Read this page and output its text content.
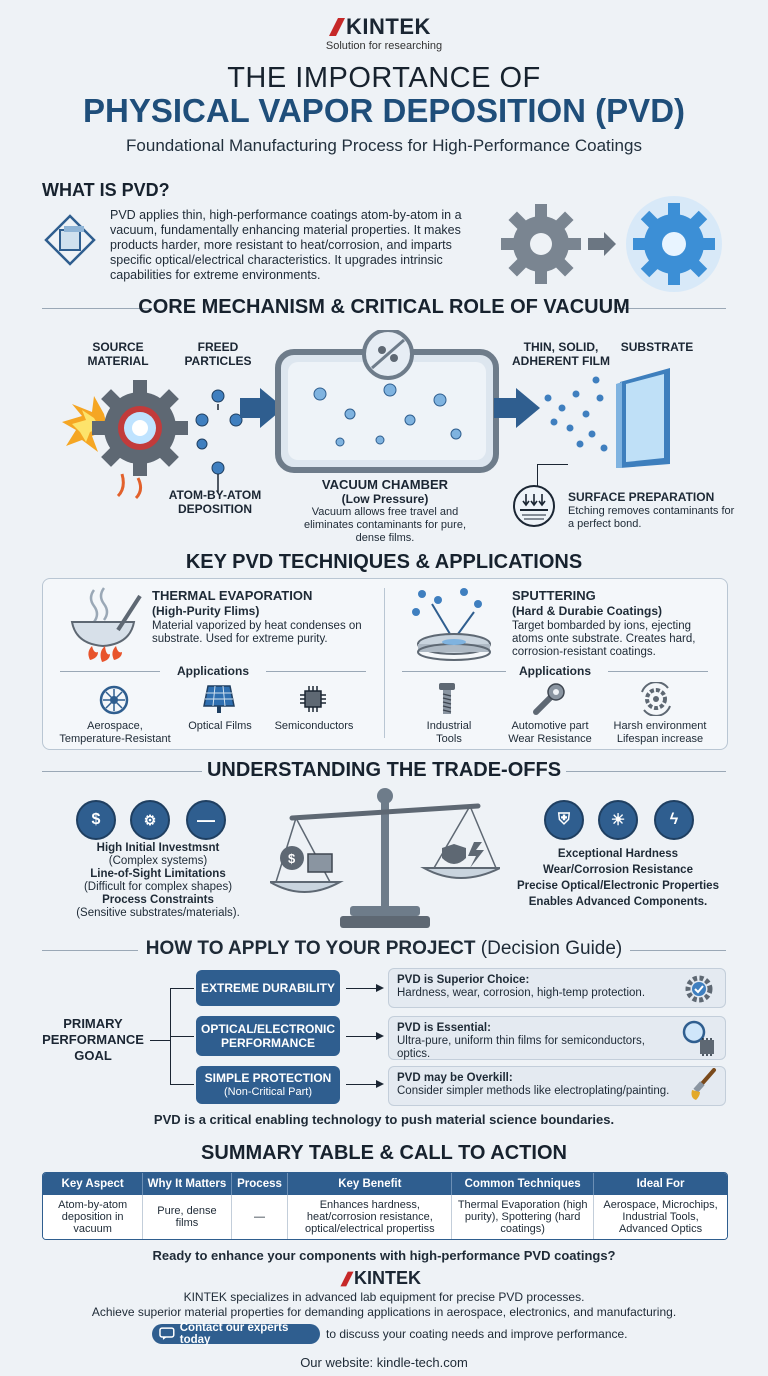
KINTEK
Solution for researching
THE IMPORTANCE OF
PHYSICAL VAPOR DEPOSITION (PVD)
Foundational Manufacturing Process for High-Performance Coatings
WHAT IS PVD?
PVD applies thin, high-performance coatings atom-by-atom in a vacuum, fundamentally enhancing material properties. It makes products harder, more resistant to heat/corrosion, and imparts specific optical/electrical characteristics. It upgrades intrinsic capabilities for extreme environments.
CORE MECHANISM & CRITICAL ROLE OF VACUUM
SOURCE
MATERIAL
FREED
PARTICLES
ATOM-BY-ATOM
DEPOSITION
VACUUM CHAMBER
(Low Pressure)
Vacuum allows free travel and eliminates contaminants for pure, dense films.
THIN, SOLID,
ADHERENT FILM
SUBSTRATE
SURFACE PREPARATION
Etching removes contaminants for a perfect bond.
KEY PVD TECHNIQUES & APPLICATIONS
THERMAL EVAPORATION
(High-Purity Flims)
Material vaporized by heat condenses on substrate. Used for extreme purity.
Applications
Aerospace,
Temperature-Resistant
Optical Films	Semiconductors
SPUTTERING
(Hard & Durabie Coatings)
Target bombarded by ions, ejecting atoms onte substrate. Creates hard, corrosion-resistant coatings.
Applications
Industrial
Tools
Automotive part
Wear Resistance
Harsh environment
Lifespan increase
UNDERSTANDING THE TRADE-OFFS
$	⚙	—
High Initial Investmsnt
(Complex systems)
Line-of-Sight Limitations
(Difficult for complex shapes)
Process Constraints
(Sensitive substrates/materials).
$
⛨	☀	ϟ
Exceptional Hardness
Wear/Corrosion Resistance
Precise Optical/Electronic Properties
Enables Advanced Components.
HOW TO APPLY TO YOUR PROJECT (Decision Guide)
PRIMARY
PERFORMANCE
GOAL
EXTREME DURABILITY
OPTICAL/ELECTRONIC
PERFORMANCE
SIMPLE PROTECTION
(Non-Critical Part)
PVD is Superior Choice:
Hardness, wear, corrosion, high-temp protection.
PVD is Essential:
Ultra-pure, uniform thin films for semiconductors, optics.
PVD may be Overkill:
Consider simpler methods like electroplating/painting.
PVD is a critical enabling technology to push material science boundaries.
SUMMARY TABLE & CALL TO ACTION
Key Aspect	Why It Matters	Process	Key Benefit	Common Techniques	Ideal For
Atom-by-atom deposition in vacuum	Pure, dense films	—	Enhances hardness, heat/corrosion resistance, optical/electrical propertiss	Thermal Evaporation (high purity), Spottering (hard coatings)	Aerospace, Microchips, Industrial Tools, Advanced Optics
Ready to enhance your components with high-performance PVD coatings?
KINTEK
KINTEK specializes in advanced lab equipment for precise PVD processes.
Achieve superior material properties for demanding applications in aerospace, electronics, and manufacturing.
Contact our experts today	to discuss your coating needs and improve performance.
Our website: kindle-tech.com
